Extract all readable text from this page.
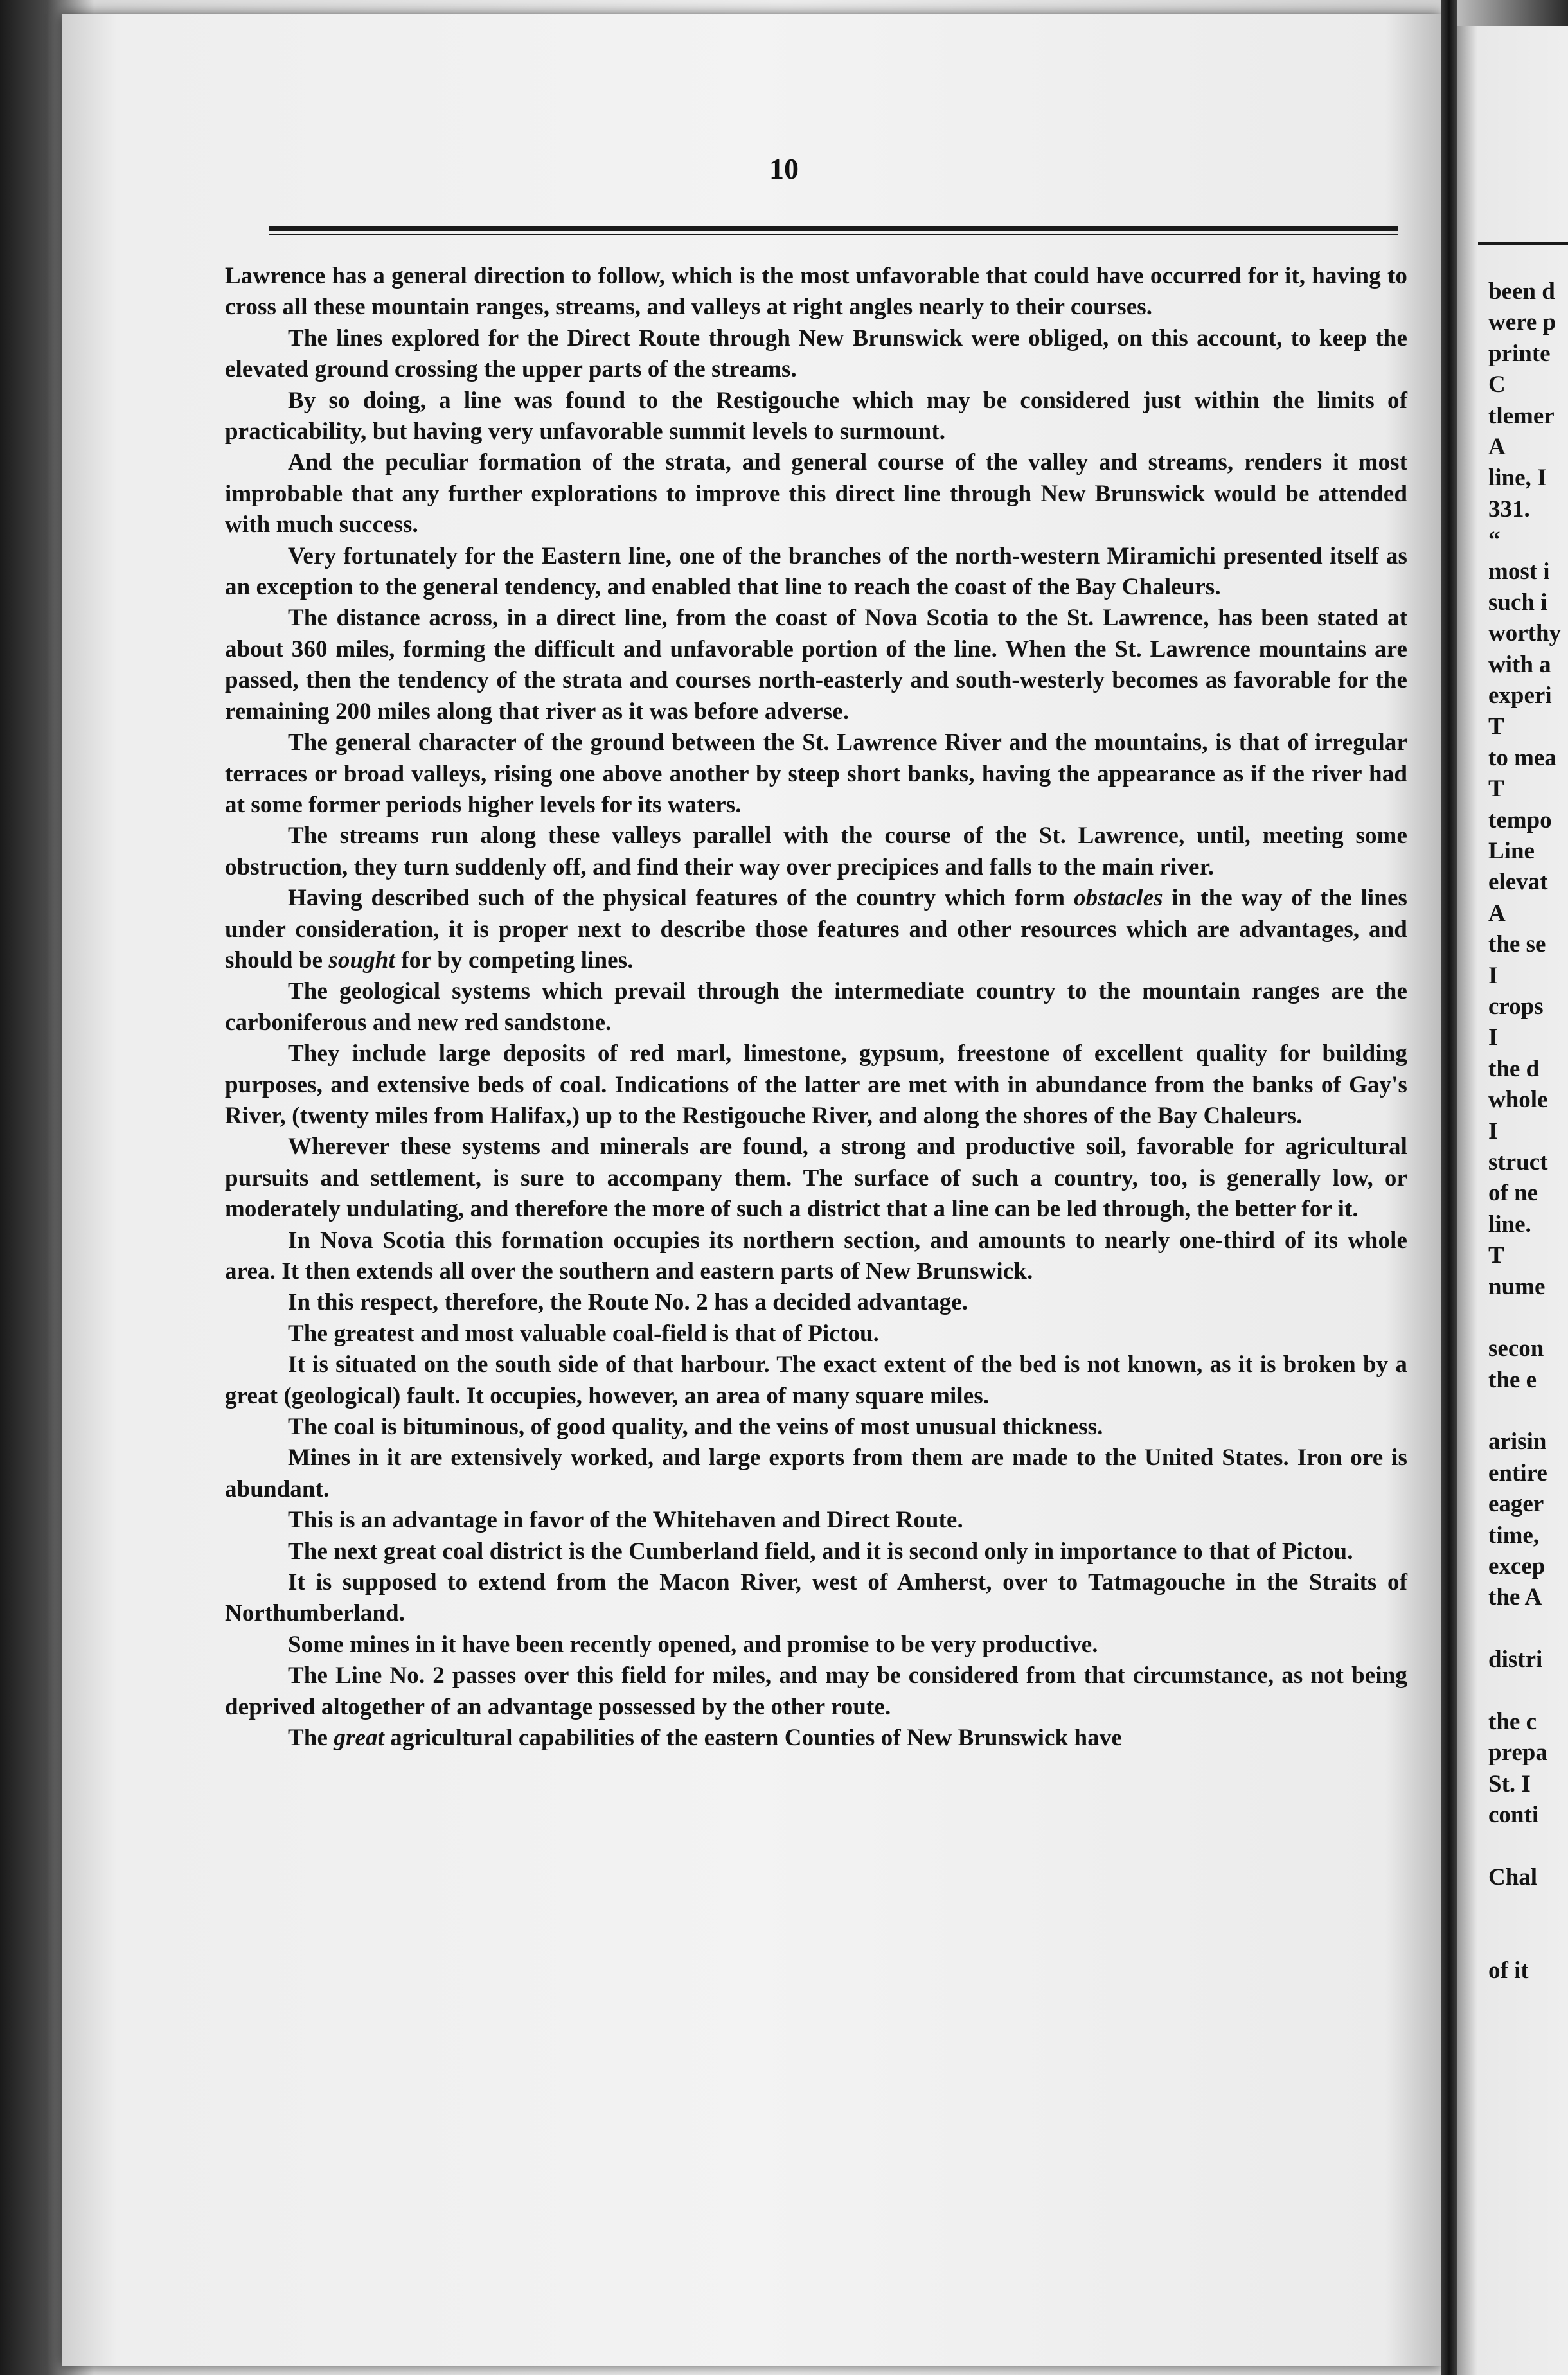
10

Lawrence has a general direction to follow, which is the most unfavorable that could have occurred for it, having to cross all these mountain ranges, streams, and valleys at right angles nearly to their courses.

The lines explored for the Direct Route through New Brunswick were obliged, on this account, to keep the elevated ground crossing the upper parts of the streams.

By so doing, a line was found to the Restigouche which may be considered just within the limits of practicability, but having very unfavorable summit levels to surmount.

And the peculiar formation of the strata, and general course of the valley and streams, renders it most improbable that any further explorations to improve this direct line through New Brunswick would be attended with much success.

Very fortunately for the Eastern line, one of the branches of the north-western Miramichi presented itself as an exception to the general tendency, and enabled that line to reach the coast of the Bay Chaleurs.

The distance across, in a direct line, from the coast of Nova Scotia to the St. Lawrence, has been stated at about 360 miles, forming the difficult and unfavorable portion of the line. When the St. Lawrence mountains are passed, then the tendency of the strata and courses north-easterly and south-westerly becomes as favorable for the remaining 200 miles along that river as it was before adverse.

The general character of the ground between the St. Lawrence River and the mountains, is that of irregular terraces or broad valleys, rising one above another by steep short banks, having the appearance as if the river had at some former periods higher levels for its waters.

The streams run along these valleys parallel with the course of the St. Lawrence, until, meeting some obstruction, they turn suddenly off, and find their way over precipices and falls to the main river.

Having described such of the physical features of the country which form obstacles in the way of the lines under consideration, it is proper next to describe those features and other resources which are advantages, and should be sought for by competing lines.

The geological systems which prevail through the intermediate country to the mountain ranges are the carboniferous and new red sandstone.

They include large deposits of red marl, limestone, gypsum, freestone of excellent quality for building purposes, and extensive beds of coal. Indications of the latter are met with in abundance from the banks of Gay's River, (twenty miles from Halifax,) up to the Restigouche River, and along the shores of the Bay Chaleurs.

Wherever these systems and minerals are found, a strong and productive soil, favorable for agricultural pursuits and settlement, is sure to accompany them. The surface of such a country, too, is generally low, or moderately undulating, and therefore the more of such a district that a line can be led through, the better for it.

In Nova Scotia this formation occupies its northern section, and amounts to nearly one-third of its whole area. It then extends all over the southern and eastern parts of New Brunswick.

In this respect, therefore, the Route No. 2 has a decided advantage.

The greatest and most valuable coal-field is that of Pictou.

It is situated on the south side of that harbour. The exact extent of the bed is not known, as it is broken by a great (geological) fault. It occupies, however, an area of many square miles.

The coal is bituminous, of good quality, and the veins of most unusual thickness.

Mines in it are extensively worked, and large exports from them are made to the United States. Iron ore is abundant.

This is an advantage in favor of the Whitehaven and Direct Route.

The next great coal district is the Cumberland field, and it is second only in importance to that of Pictou.

It is supposed to extend from the Macon River, west of Amherst, over to Tatmagouche in the Straits of Northumberland.

Some mines in it have been recently opened, and promise to be very productive.

The Line No. 2 passes over this field for miles, and may be considered from that circumstance, as not being deprived altogether of an advantage possessed by the other route.

The great agricultural capabilities of the eastern Counties of New Brunswick have

been d
were p
printe
C
tlemer
A
line, I
331.
“
most i
such i
worthy
with a
experi
T
to mea
T
tempo
Line
elevat
A
the se
I
crops
I
the d
whole
I
struct
of ne
line.
T
nume
secon
the e
arisin
entire
eager
time,
excep
the A
distri
the c
prepa
St. I
conti
Chal
of it
